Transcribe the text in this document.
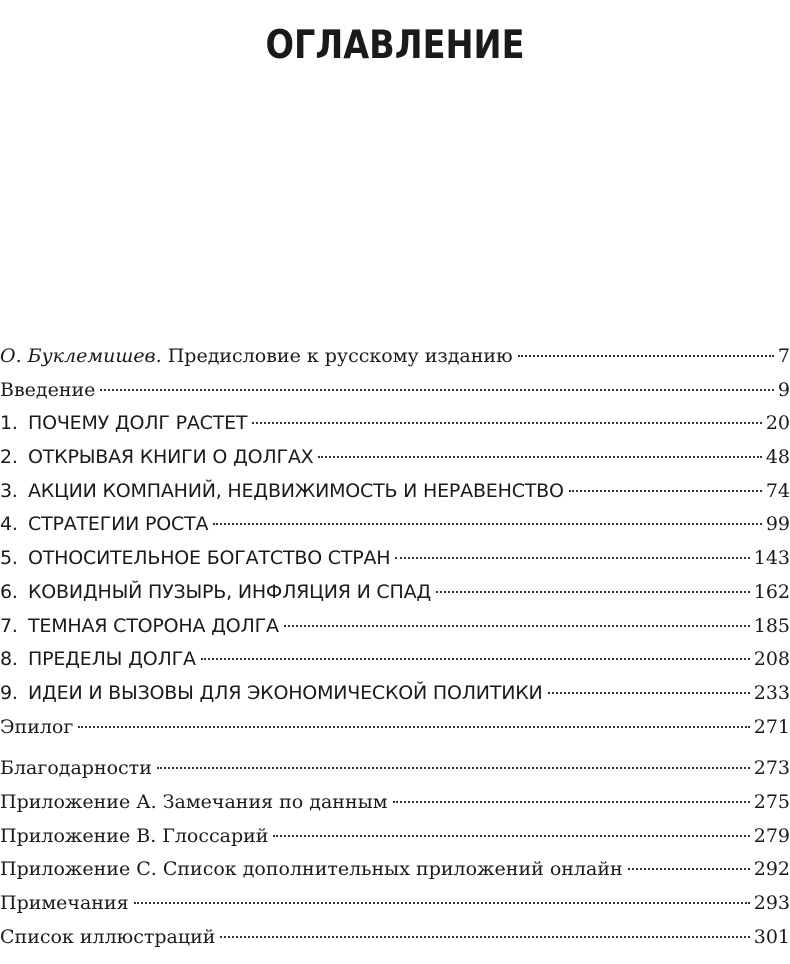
ОГЛАВЛЕНИЕ
О. Буклемишев. Предисловие к русскому изданию	7
Введение	9
1. ПОЧЕМУ ДОЛГ РАСТЕТ	20
2. ОТКРЫВАЯ КНИГИ О ДОЛГАХ	48
3. АКЦИИ КОМПАНИЙ, НЕДВИЖИМОСТЬ И НЕРАВЕНСТВО	74
4. СТРАТЕГИИ РОСТА	99
5. ОТНОСИТЕЛЬНОЕ БОГАТСТВО СТРАН	143
6. КОВИДНЫЙ ПУЗЫРЬ, ИНФЛЯЦИЯ И СПАД	162
7. ТЕМНАЯ СТОРОНА ДОЛГА	185
8. ПРЕДЕЛЫ ДОЛГА	208
9. ИДЕИ И ВЫЗОВЫ ДЛЯ ЭКОНОМИЧЕСКОЙ ПОЛИТИКИ	233
Эпилог	271
Благодарности	273
Приложение А. Замечания по данным	275
Приложение В. Глоссарий	279
Приложение С. Список дополнительных приложений онлайн	292
Примечания	293
Список иллюстраций	301
